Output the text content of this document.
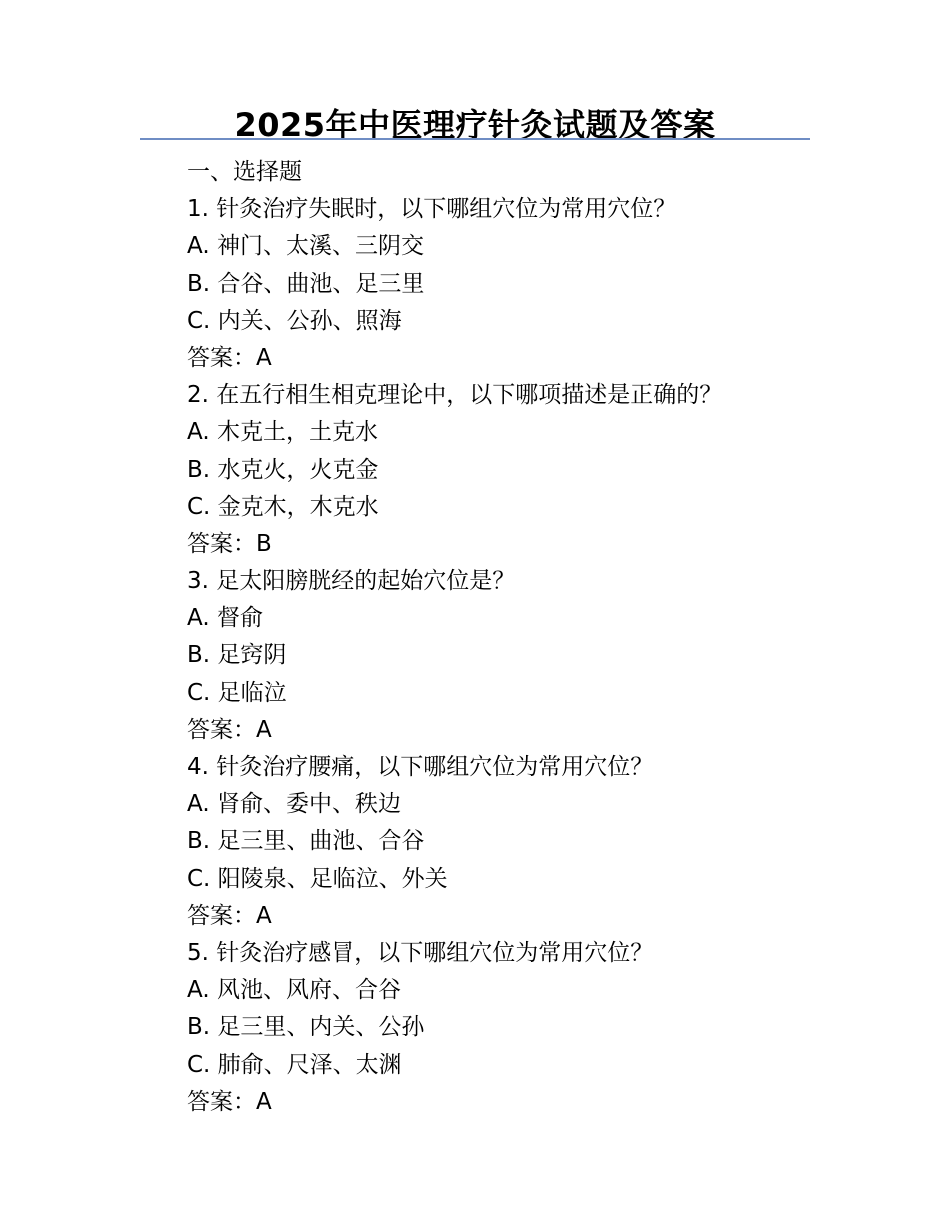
2025年中医理疗针灸试题及答案
一、选择题
1. 针灸治疗失眠时，以下哪组穴位为常用穴位？
A. 神门、太溪、三阴交
B. 合谷、曲池、足三里
C. 内关、公孙、照海
答案：A
2. 在五行相生相克理论中，以下哪项描述是正确的？
A. 木克土，土克水
B. 水克火，火克金
C. 金克木，木克水
答案：B
3. 足太阳膀胱经的起始穴位是？
A. 督俞
B. 足窍阴
C. 足临泣
答案：A
4. 针灸治疗腰痛，以下哪组穴位为常用穴位？
A. 肾俞、委中、秩边
B. 足三里、曲池、合谷
C. 阳陵泉、足临泣、外关
答案：A
5. 针灸治疗感冒，以下哪组穴位为常用穴位？
A. 风池、风府、合谷
B. 足三里、内关、公孙
C. 肺俞、尺泽、太渊
答案：A
